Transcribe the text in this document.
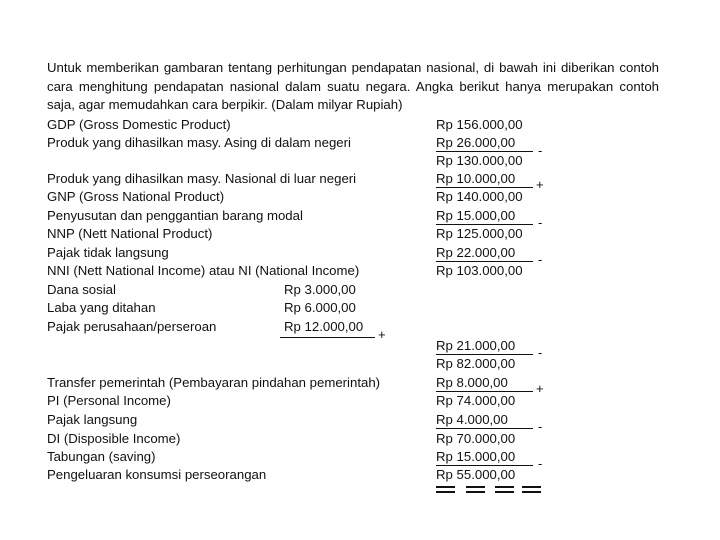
Untuk memberikan gambaran tentang perhitungan pendapatan nasional, di bawah ini diberikan contoh cara menghitung pendapatan nasional dalam suatu negara. Angka berikut hanya merupakan contoh saja, agar memudahkan cara berpikir. (Dalam milyar Rupiah)
GDP (Gross Domestic Product)	Rp 156.000,00
Produk yang dihasilkan masy. Asing di dalam negeri	Rp 26.000,00
-
Rp 130.000,00
Produk yang dihasilkan masy. Nasional di luar negeri	Rp 10.000,00 +
GNP (Gross National Product)	Rp 140.000,00
Penyusutan dan penggantian barang modal	Rp 15.000,00 -
NNP (Nett National Product)	Rp 125.000,00
Pajak tidak langsung	Rp 22.000,00 -
NNI (Nett National Income) atau NI (National Income)	Rp 103.000,00
Dana sosial	Rp 3.000,00
Laba yang ditahan	Rp 6.000,00
Pajak perusahaan/perseroan	Rp 12.000,00
+
Rp 21.000,00 -
Rp 82.000,00
Transfer pemerintah (Pembayaran pindahan pemerintah)	Rp 8.000,00 +
PI (Personal Income)	Rp 74.000,00
Pajak langsung	Rp 4.000,00 -
DI (Disposible Income)	Rp 70.000,00
Tabungan (saving)	Rp 15.000,00 -
Pengeluaran konsumsi perseorangan	Rp 55.000,00
